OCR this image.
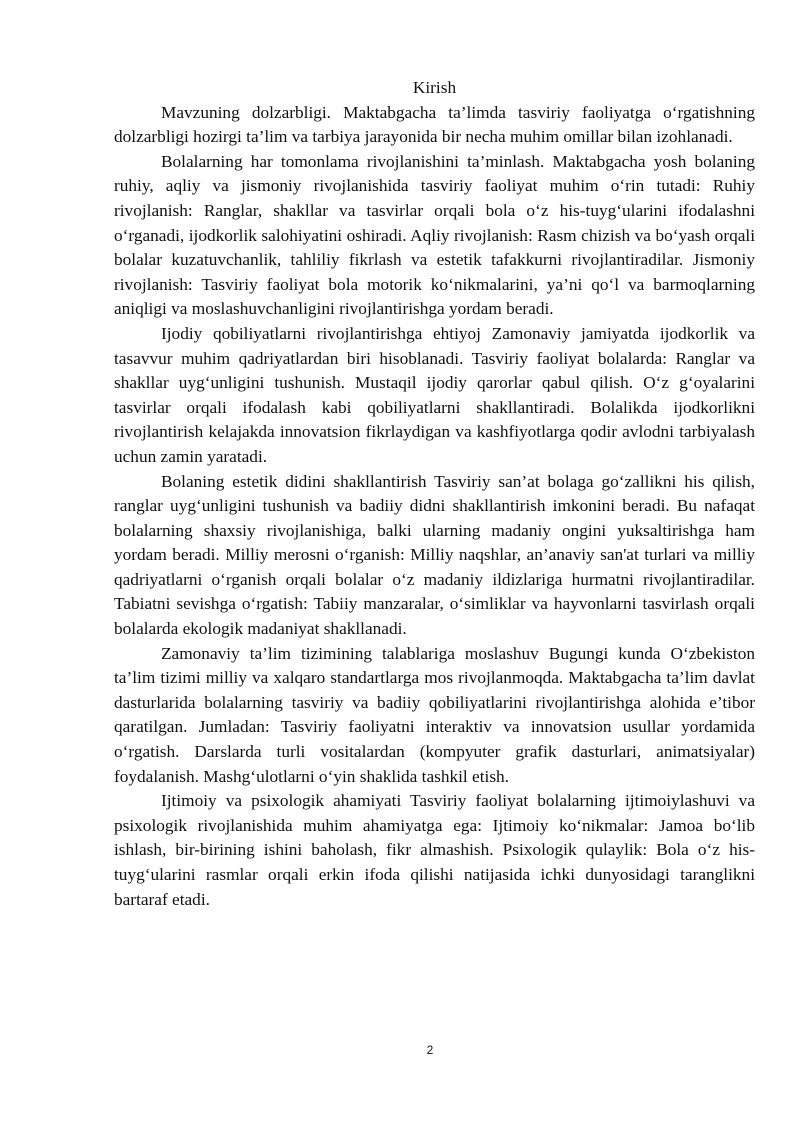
Kirish

Mavzuning dolzarbligi. Maktabgacha ta’limda tasviriy faoliyatga o‘rgatishning dolzarbligi hozirgi ta’lim va tarbiya jarayonida bir necha muhim omillar bilan izohlanadi.

Bolalarning har tomonlama rivojlanishini ta’minlash. Maktabgacha yosh bolaning ruhiy, aqliy va jismoniy rivojlanishida tasviriy faoliyat muhim o‘rin tutadi: Ruhiy rivojlanish: Ranglar, shakllar va tasvirlar orqali bola o‘z his-tuyg‘ularini ifodalashni o‘rganadi, ijodkorlik salohiyatini oshiradi. Aqliy rivojlanish: Rasm chizish va bo‘yash orqali bolalar kuzatuvchanlik, tahliliy fikrlash va estetik tafakkurni rivojlantiradilar. Jismoniy rivojlanish: Tasviriy faoliyat bola motorik ko‘nikmalarini, ya’ni qo‘l va barmoqlarning aniqligi va moslashuvchanligini rivojlantirishga yordam beradi.

Ijodiy qobiliyatlarni rivojlantirishga ehtiyoj Zamonaviy jamiyatda ijodkorlik va tasavvur muhim qadriyatlardan biri hisoblanadi. Tasviriy faoliyat bolalarda: Ranglar va shakllar uyg‘unligini tushunish. Mustaqil ijodiy qarorlar qabul qilish. O‘z g‘oyalarini tasvirlar orqali ifodalash kabi qobiliyatlarni shakllantiradi. Bolalikda ijodkorlikni rivojlantirish kelajakda innovatsion fikrlaydigan va kashfiyotlarga qodir avlodni tarbiyalash uchun zamin yaratadi.

Bolaning estetik didini shakllantirish Tasviriy san’at bolaga go‘zallikni his qilish, ranglar uyg‘unligini tushunish va badiiy didni shakllantirish imkonini beradi. Bu nafaqat bolalarning shaxsiy rivojlanishiga, balki ularning madaniy ongini yuksaltirishga ham yordam beradi. Milliy merosni o‘rganish: Milliy naqshlar, an’anaviy san'at turlari va milliy qadriyatlarni o‘rganish orqali bolalar o‘z madaniy ildizlariga hurmatni rivojlantiradilar. Tabiatni sevishga o‘rgatish: Tabiiy manzaralar, o‘simliklar va hayvonlarni tasvirlash orqali bolalarda ekologik madaniyat shakllanadi.

Zamonaviy ta’lim tizimining talablariga moslashuv Bugungi kunda O‘zbekiston ta’lim tizimi milliy va xalqaro standartlarga mos rivojlanmoqda. Maktabgacha ta’lim davlat dasturlarida bolalarning tasviriy va badiiy qobiliyatlarini rivojlantirishga alohida e’tibor qaratilgan. Jumladan: Tasviriy faoliyatni interaktiv va innovatsion usullar yordamida o‘rgatish. Darslarda turli vositalardan (kompyuter grafik dasturlari, animatsiyalar) foydalanish. Mashg‘ulotlarni o‘yin shaklida tashkil etish.

Ijtimoiy va psixologik ahamiyati Tasviriy faoliyat bolalarning ijtimoiylashuvi va psixologik rivojlanishida muhim ahamiyatga ega: Ijtimoiy ko‘nikmalar: Jamoa bo‘lib ishlash, bir-birining ishini baholash, fikr almashish. Psixologik qulaylik: Bola o‘z his-tuyg‘ularini rasmlar orqali erkin ifoda qilishi natijasida ichki dunyosidagi taranglikni bartaraf etadi.

2
